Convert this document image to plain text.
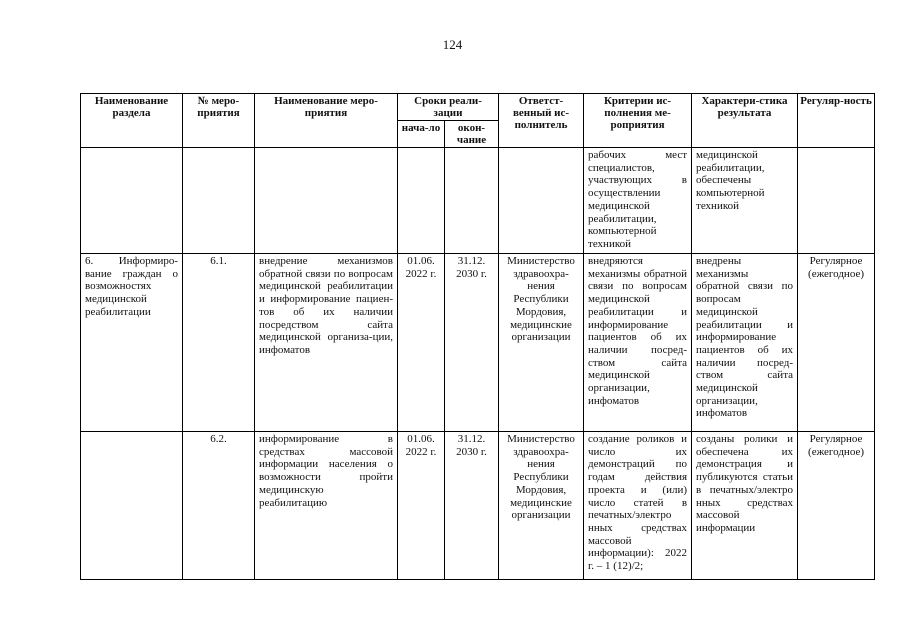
124
Наименование раздела	№ меро-приятия	Наименование меро-приятия	Сроки реали-зации		Ответст-венный ис-полнитель	Критерии ис-полнения ме-роприятия	Характери-стика результата	Регуляр-ность
			нача-ло	окон-чание				
						рабочих мест специалистов, участвующих в осуществлении медицинской реабилитации, компьютерной техникой	медицинской реабилитации, обеспечены компьютерной техникой	
6. Информиро-вание граждан о возможностях медицинской реабилитации	6.1.	внедрение механизмов обратной связи по вопросам медицинской реабилитации и информирование пациен-тов об их наличии посредством сайта медицинской организа-ции, инфоматов	01.06. 2022 г.	31.12. 2030 г.	Министерство здравоохра-нения Республики Мордовия, медицинские организации	внедряются механизмы обратной связи по вопросам медицинской реабилитации и информирование пациентов об их наличии посред-ством сайта медицинской организации, инфоматов	внедрены механизмы обратной связи по вопросам медицинской реабилитации и информирование пациентов об их наличии посред-ством сайта медицинской организации, инфоматов	Регулярное (ежегодное)
	6.2.	информирование в средствах массовой информации населения о возможности пройти медицинскую реабилитацию	01.06. 2022 г.	31.12. 2030 г.	Министерство здравоохра-нения Республики Мордовия, медицинские организации	создание роликов и число их демонстраций по годам действия проекта и (или) число статей в печатных/электро нных средствах массовой информации): 2022 г. – 1 (12)/2;	созданы ролики и обеспечена их демонстрация и публикуются статьи в печатных/электро нных средствах массовой информации	Регулярное (ежегодное)
